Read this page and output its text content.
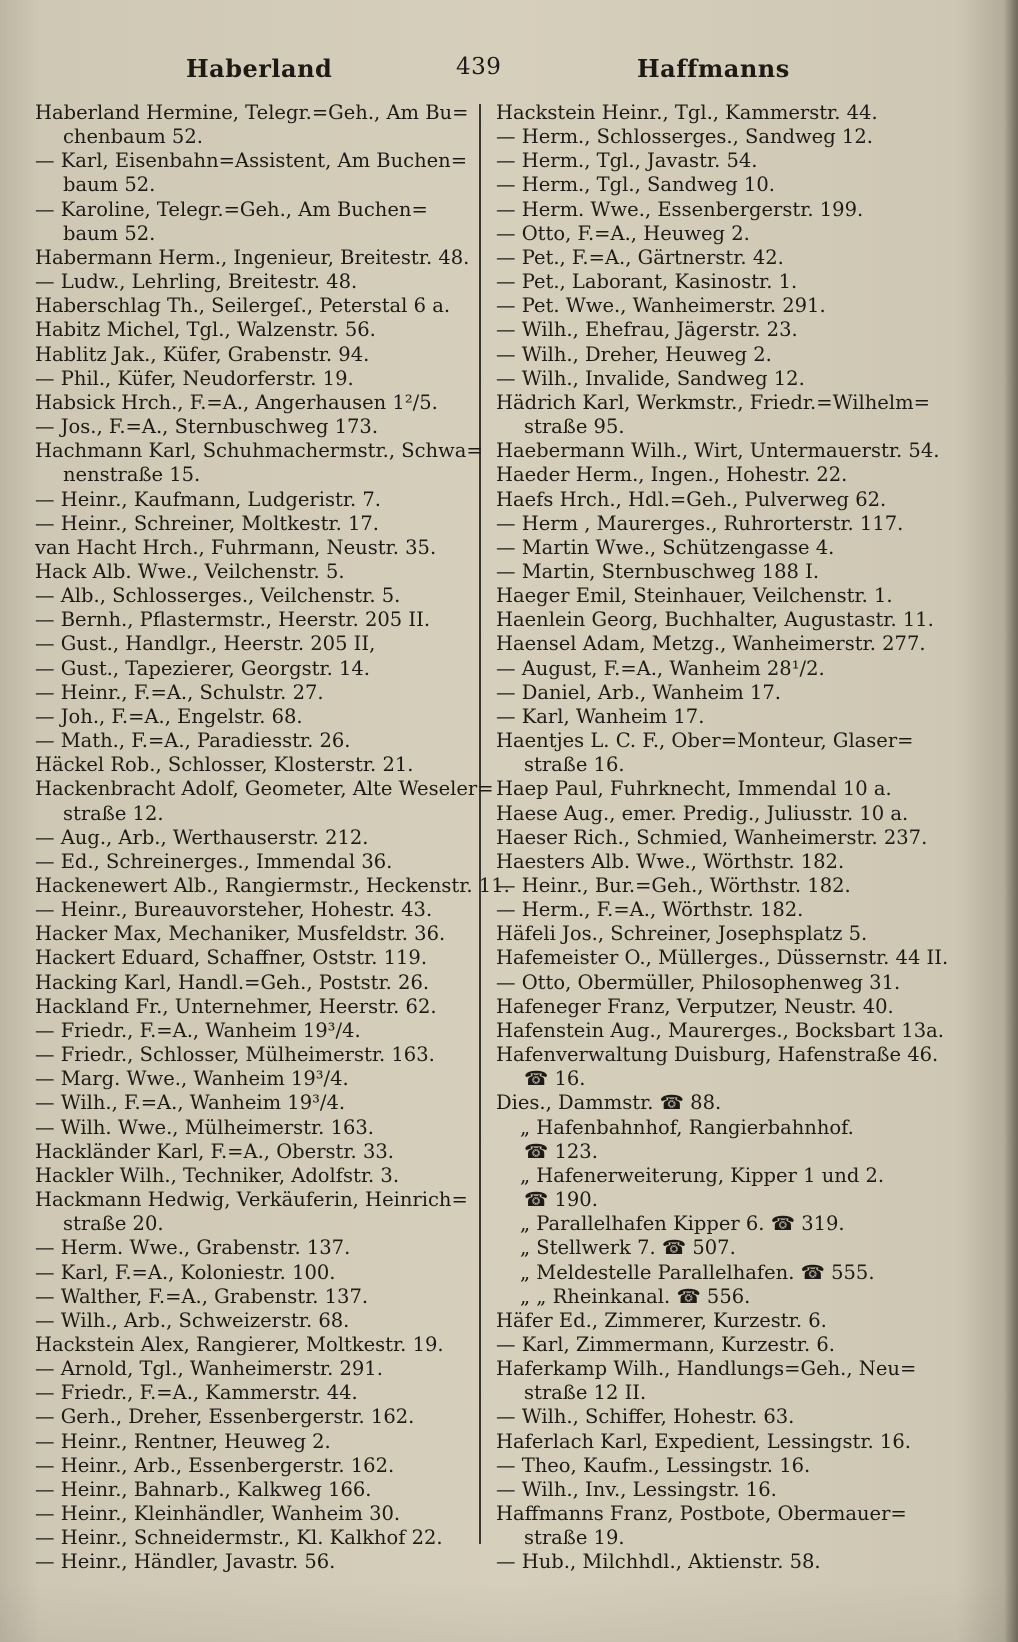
Haberland	439	Haffmanns
Haberland Hermine, Telegr.=Geh., Am Bu=
chenbaum 52.
— Karl, Eisenbahn=Assistent, Am Buchen=
baum 52.
— Karoline, Telegr.=Geh., Am Buchen=
baum 52.
Habermann Herm., Ingenieur, Breitestr. 48.
— Ludw., Lehrling, Breitestr. 48.
Haberschlag Th., Seilergeſ., Peterstal 6 a.
Habitz Michel, Tgl., Walzenstr. 56.
Hablitz Jak., Küfer, Grabenstr. 94.
— Phil., Küfer, Neudorferstr. 19.
Habsick Hrch., F.=A., Angerhausen 1²/5.
— Jos., F.=A., Sternbuschweg 173.
Hachmann Karl, Schuhmachermstr., Schwa=
nenstraße 15.
— Heinr., Kaufmann, Ludgeristr. 7.
— Heinr., Schreiner, Moltkestr. 17.
van Hacht Hrch., Fuhrmann, Neustr. 35.
Hack Alb. Wwe., Veilchenstr. 5.
— Alb., Schlosserges., Veilchenstr. 5.
— Bernh., Pflastermstr., Heerstr. 205 II.
— Gust., Handlgr., Heerstr. 205 II,
— Gust., Tapezierer, Georgstr. 14.
— Heinr., F.=A., Schulstr. 27.
— Joh., F.=A., Engelstr. 68.
— Math., F.=A., Paradiesstr. 26.
Häckel Rob., Schlosser, Klosterstr. 21.
Hackenbracht Adolf, Geometer, Alte Weseler=
straße 12.
— Aug., Arb., Werthauserstr. 212.
— Ed., Schreinerges., Immendal 36.
Hackenewert Alb., Rangiermstr., Heckenstr. 11.
— Heinr., Bureauvorsteher, Hohestr. 43.
Hacker Max, Mechaniker, Musfeldstr. 36.
Hackert Eduard, Schaffner, Oststr. 119.
Hacking Karl, Handl.=Geh., Poststr. 26.
Hackland Fr., Unternehmer, Heerstr. 62.
— Friedr., F.=A., Wanheim 19³/4.
— Friedr., Schlosser, Mülheimerstr. 163.
— Marg. Wwe., Wanheim 19³/4.
— Wilh., F.=A., Wanheim 19³/4.
— Wilh. Wwe., Mülheimerstr. 163.
Hackländer Karl, F.=A., Oberstr. 33.
Hackler Wilh., Techniker, Adolfstr. 3.
Hackmann Hedwig, Verkäuferin, Heinrich=
straße 20.
— Herm. Wwe., Grabenstr. 137.
— Karl, F.=A., Koloniestr. 100.
— Walther, F.=A., Grabenstr. 137.
— Wilh., Arb., Schweizerstr. 68.
Hackstein Alex, Rangierer, Moltkestr. 19.
— Arnold, Tgl., Wanheimerstr. 291.
— Friedr., F.=A., Kammerstr. 44.
— Gerh., Dreher, Essenbergerstr. 162.
— Heinr., Rentner, Heuweg 2.
— Heinr., Arb., Essenbergerstr. 162.
— Heinr., Bahnarb., Kalkweg 166.
— Heinr., Kleinhändler, Wanheim 30.
— Heinr., Schneidermstr., Kl. Kalkhof 22.
— Heinr., Händler, Javastr. 56.
Hackstein Heinr., Tgl., Kammerstr. 44.
— Herm., Schlosserges., Sandweg 12.
— Herm., Tgl., Javastr. 54.
— Herm., Tgl., Sandweg 10.
— Herm. Wwe., Essenbergerstr. 199.
— Otto, F.=A., Heuweg 2.
— Pet., F.=A., Gärtnerstr. 42.
— Pet., Laborant, Kasinostr. 1.
— Pet. Wwe., Wanheimerstr. 291.
— Wilh., Ehefrau, Jägerstr. 23.
— Wilh., Dreher, Heuweg 2.
— Wilh., Invalide, Sandweg 12.
Hädrich Karl, Werkmstr., Friedr.=Wilhelm=
straße 95.
Haebermann Wilh., Wirt, Untermauerstr. 54.
Haeder Herm., Ingen., Hohestr. 22.
Haefs Hrch., Hdl.=Geh., Pulverweg 62.
— Herm , Maurerges., Ruhrorterstr. 117.
— Martin Wwe., Schützengasse 4.
— Martin, Sternbuschweg 188 I.
Haeger Emil, Steinhauer, Veilchenstr. 1.
Haenlein Georg, Buchhalter, Augustastr. 11.
Haensel Adam, Metzg., Wanheimerstr. 277.
— August, F.=A., Wanheim 28¹/2.
— Daniel, Arb., Wanheim 17.
— Karl, Wanheim 17.
Haentjes L. C. F., Ober=Monteur, Glaser=
straße 16.
Haep Paul, Fuhrknecht, Immendal 10 a.
Haese Aug., emer. Predig., Juliusstr. 10 a.
Haeser Rich., Schmied, Wanheimerstr. 237.
Haesters Alb. Wwe., Wörthstr. 182.
— Heinr., Bur.=Geh., Wörthstr. 182.
— Herm., F.=A., Wörthstr. 182.
Häfeli Jos., Schreiner, Josephsplatz 5.
Hafemeister O., Müllerges., Düssernstr. 44 II.
— Otto, Obermüller, Philosophenweg 31.
Hafeneger Franz, Verputzer, Neustr. 40.
Hafenstein Aug., Maurerges., Bocksbart 13a.
Hafenverwaltung Duisburg, Hafenstraße 46.
☎ 16.
Dies., Dammstr. ☎ 88.
„ Hafenbahnhof, Rangierbahnhof.
☎ 123.
„ Hafenerweiterung, Kipper 1 und 2.
☎ 190.
„ Parallelhafen Kipper 6. ☎ 319.
„ Stellwerk 7. ☎ 507.
„ Meldestelle Parallelhafen. ☎ 555.
„ „ Rheinkanal. ☎ 556.
Häfer Ed., Zimmerer, Kurzestr. 6.
— Karl, Zimmermann, Kurzestr. 6.
Haferkamp Wilh., Handlungs=Geh., Neu=
straße 12 II.
— Wilh., Schiffer, Hohestr. 63.
Haferlach Karl, Expedient, Lessingstr. 16.
— Theo, Kaufm., Lessingstr. 16.
— Wilh., Inv., Lessingstr. 16.
Haffmanns Franz, Postbote, Obermauer=
straße 19.
— Hub., Milchhdl., Aktienstr. 58.
